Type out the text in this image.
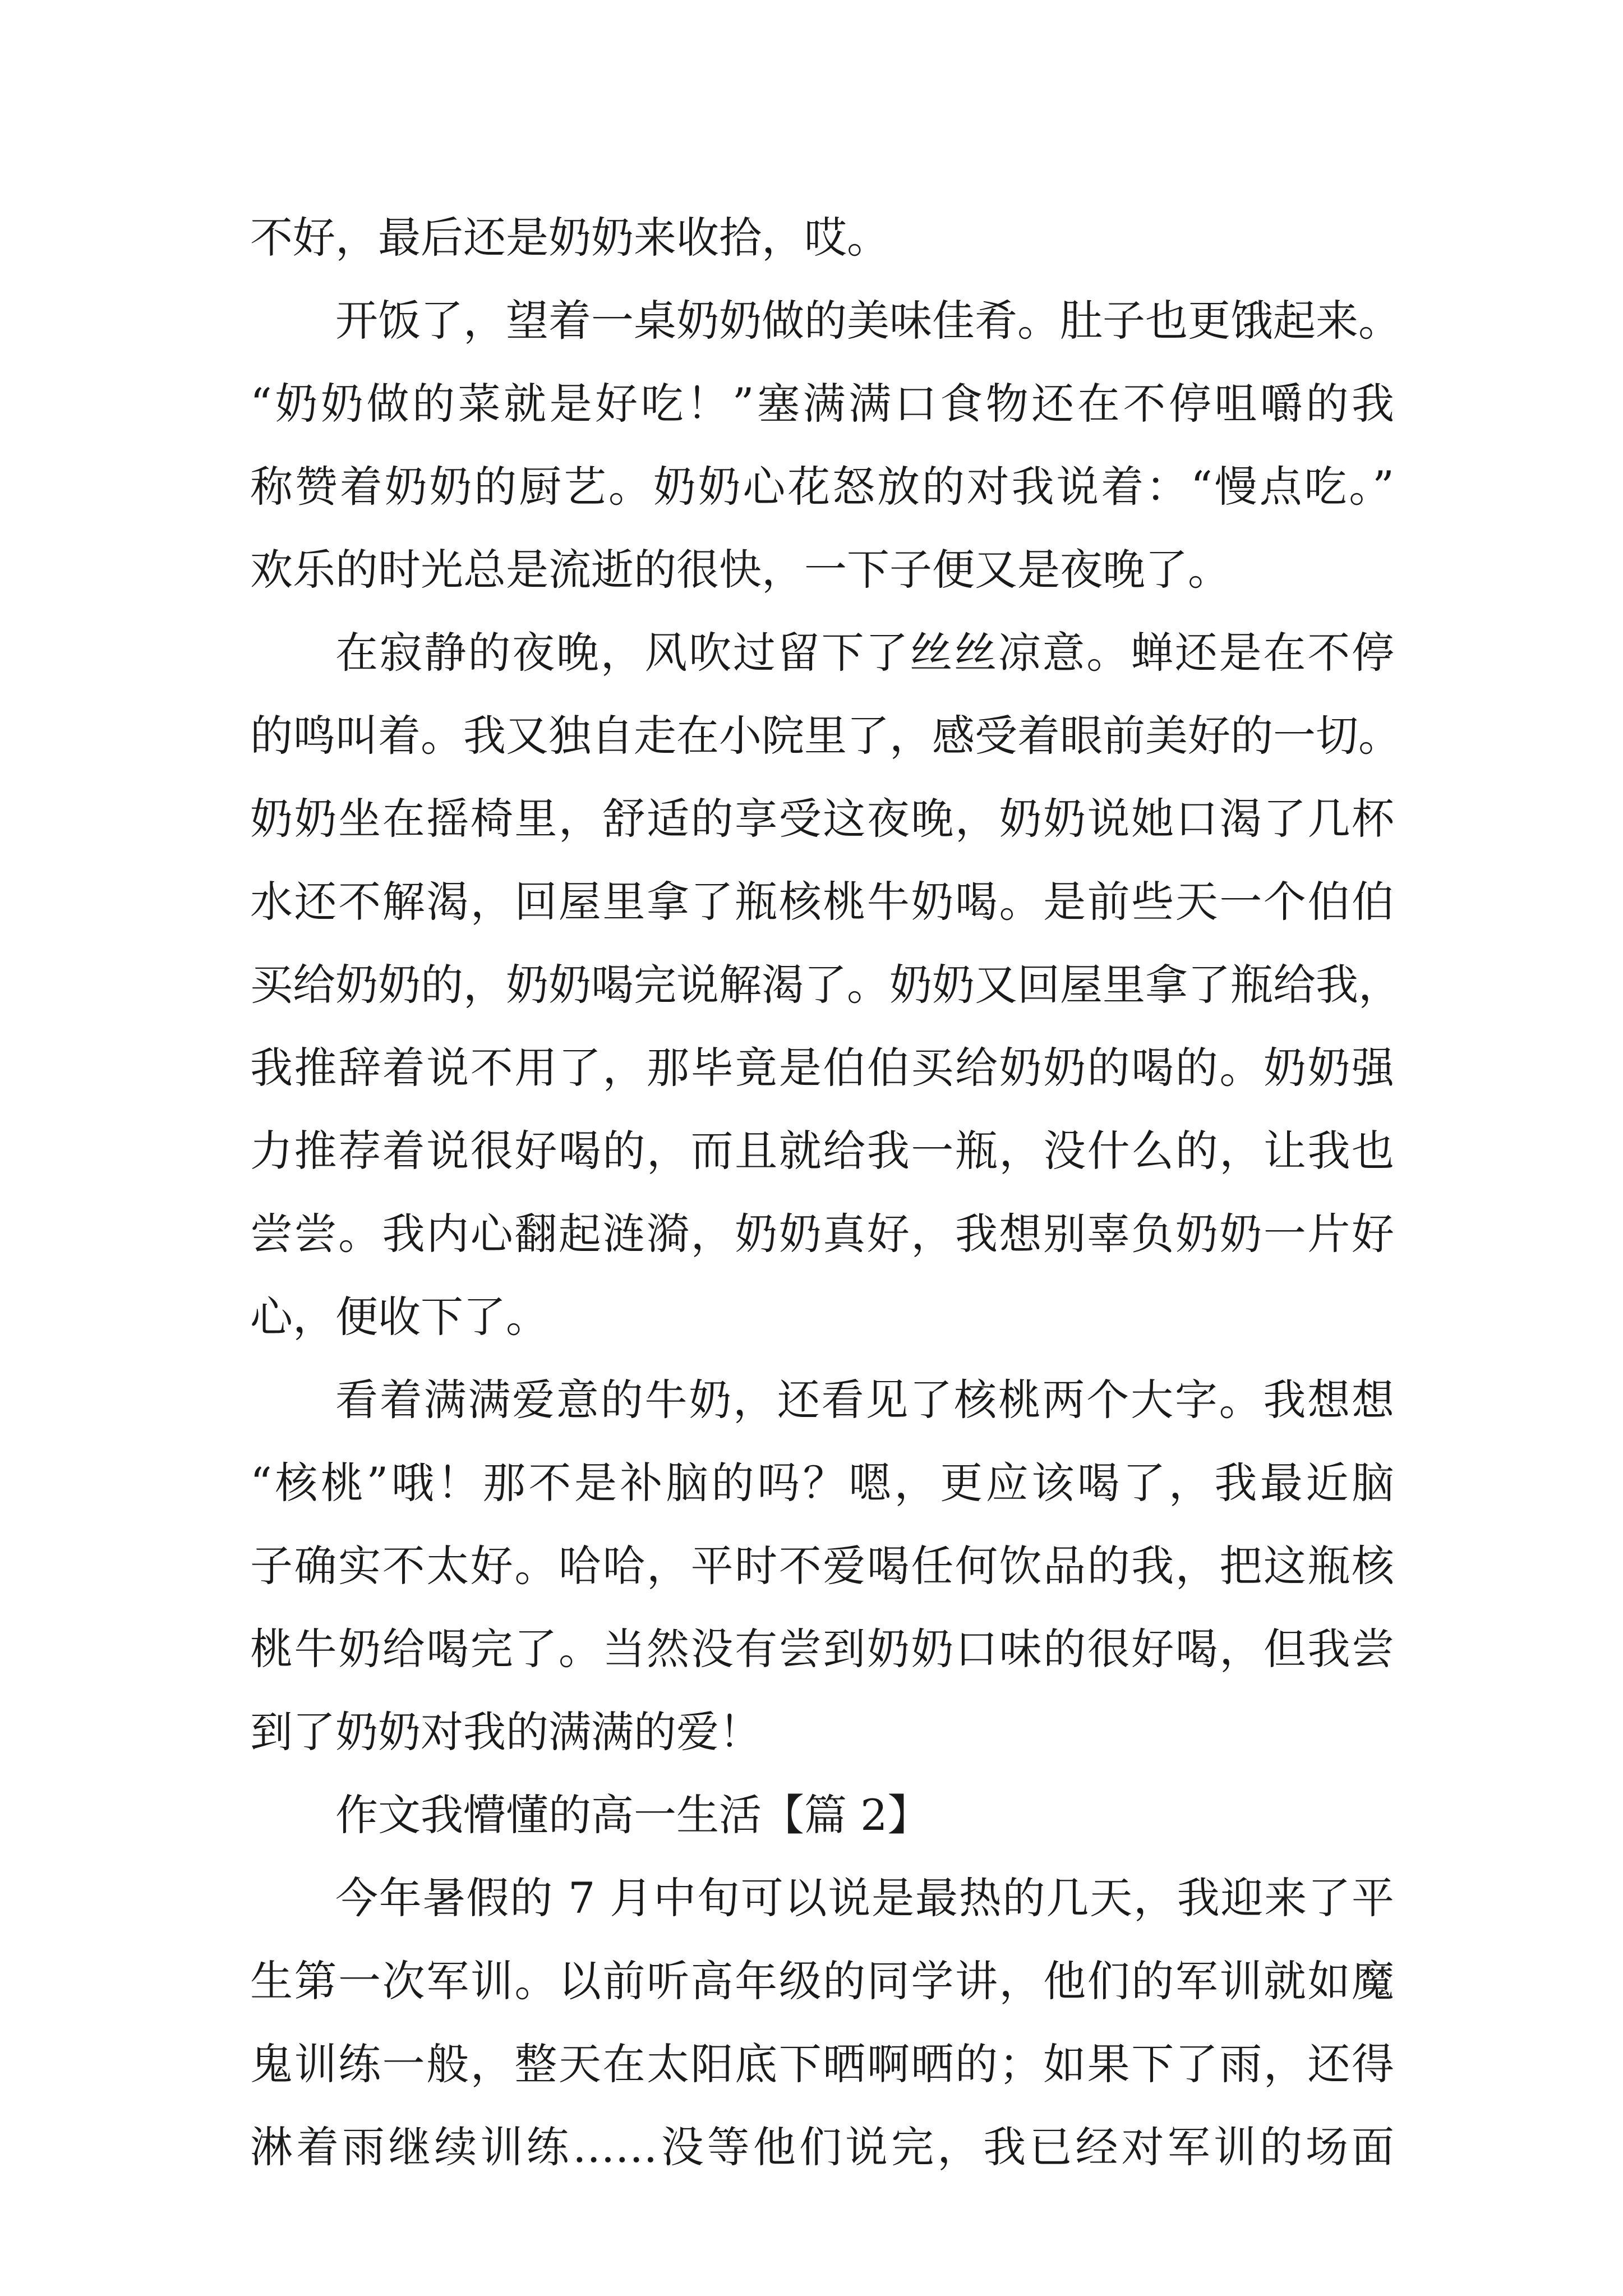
不好，最后还是奶奶来收拾，哎。
开饭了，望着一桌奶奶做的美味佳肴。肚子也更饿起来。
“奶奶做的菜就是好吃！”塞满满口食物还在不停咀嚼的我
称赞着奶奶的厨艺。奶奶心花怒放的对我说着：“慢点吃。”
欢乐的时光总是流逝的很快，一下子便又是夜晚了。
在寂静的夜晚，风吹过留下了丝丝凉意。蝉还是在不停
的鸣叫着。我又独自走在小院里了，感受着眼前美好的一切。
奶奶坐在摇椅里，舒适的享受这夜晚，奶奶说她口渴了几杯
水还不解渴，回屋里拿了瓶核桃牛奶喝。是前些天一个伯伯
买给奶奶的，奶奶喝完说解渴了。奶奶又回屋里拿了瓶给我，
我推辞着说不用了，那毕竟是伯伯买给奶奶的喝的。奶奶强
力推荐着说很好喝的，而且就给我一瓶，没什么的，让我也
尝尝。我内心翻起涟漪，奶奶真好，我想别辜负奶奶一片好
心，便收下了。
看着满满爱意的牛奶，还看见了核桃两个大字。我想想
“核桃”哦！那不是补脑的吗？嗯，更应该喝了，我最近脑
子确实不太好。哈哈，平时不爱喝任何饮品的我，把这瓶核
桃牛奶给喝完了。当然没有尝到奶奶口味的很好喝，但我尝
到了奶奶对我的满满的爱！
作文我懵懂的高一生活【篇 2】
今年暑假的 7 月中旬可以说是最热的几天，我迎来了平
生第一次军训。以前听高年级的同学讲，他们的军训就如魔
鬼训练一般，整天在太阳底下晒啊晒的；如果下了雨，还得
淋着雨继续训练……没等他们说完，我已经对军训的场面
